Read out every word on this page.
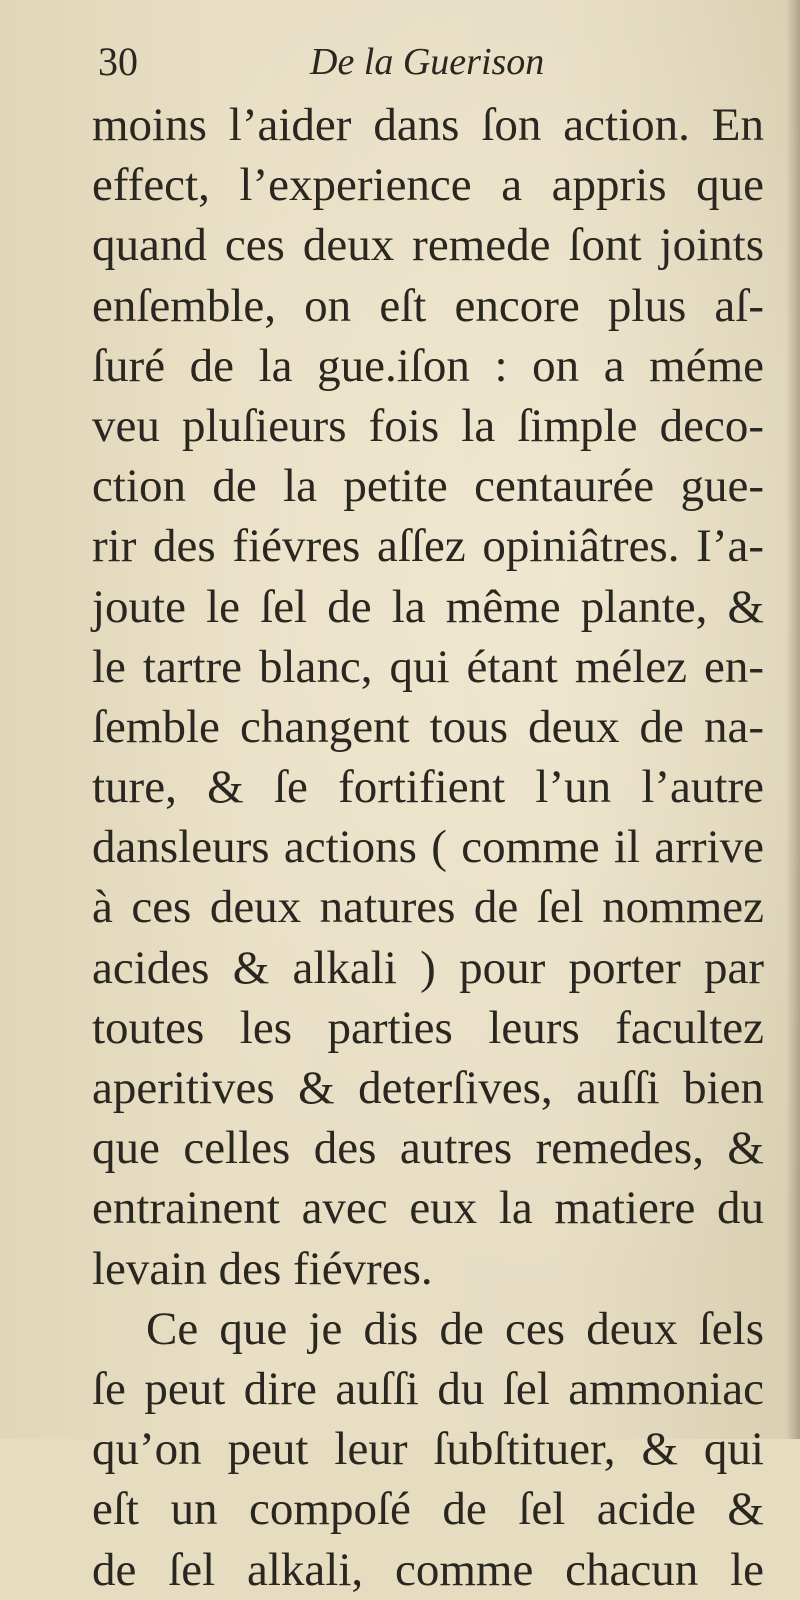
30	De la Guerison
moins l’aider dans ſon action. En
effect, l’experience a appris que
quand ces deux remede ſont joints
enſemble, on eſt encore plus aſ-
ſuré de la gue.iſon : on a méme
veu pluſieurs fois la ſimple deco-
ction de la petite centaurée gue-
rir des fiévres aſſez opiniâtres. I’a-
joute le ſel de la même plante, &
le tartre blanc, qui étant mélez en-
ſemble changent tous deux de na-
ture, & ſe fortifient l’un l’autre
dansleurs actions ( comme il arrive
à ces deux natures de ſel nommez
acides & alkali ) pour porter par
toutes les parties leurs facultez
aperitives & deterſives, auſſi bien
que celles des autres remedes, &
entrainent avec eux la matiere du
levain des fiévres.
Ce que je dis de ces deux ſels
ſe peut dire auſſi du ſel ammoniac
qu’on peut leur ſubſtituer, & qui
eſt un compoſé de ſel acide &
de ſel alkali, comme chacun le
